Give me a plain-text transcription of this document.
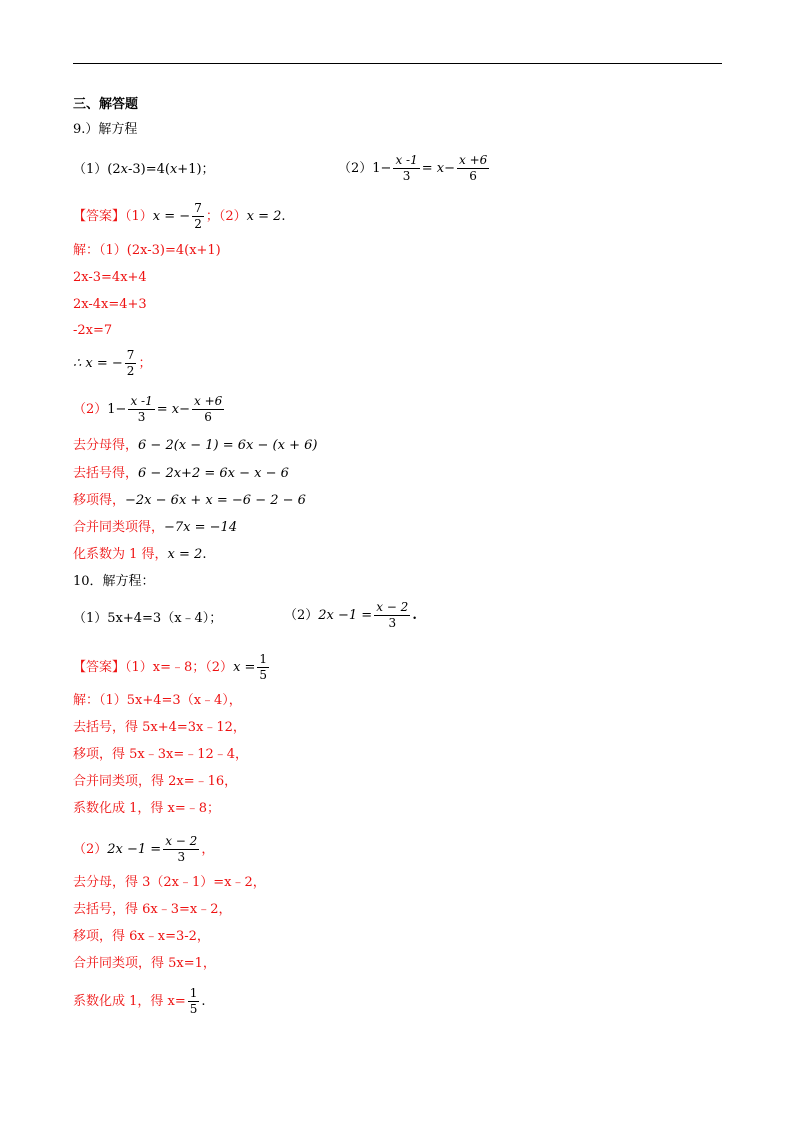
三、解答题
9.）解方程
（1）(2x-3)=4(x+1)；	$(2)1- \frac{x -1}{3} = x- \frac{x +6}{6}$
【答案】（1）x = − $\frac{7}{2}$ ；（2）x = 2.
解：（1）(2x-3)=4(x+1)
2x-3=4x+4
2x-4x=4+3
-2x=7
∴ x = − $\frac{7}{2}$ ；
$(2)1- \frac{x -1}{3} = x- \frac{x +6}{6}$
去分母得，6 − 2(x − 1) = 6x − (x + 6)
去括号得，6 − 2x+2 = 6x − x − 6
移项得，−2x − 6x + x = −6 − 2 − 6
合并同类项得，−7x = −14
化系数为 1 得，x = 2.
10．解方程：
（1）5x+4=3（x﹣4）；	$(2)2x -1 = \frac{x - 2}{3}$ .
【答案】（1）x=﹣8；$(2)x = \frac{1}{5}$
解：（1）5x+4=3（x﹣4），
去括号，得 5x+4=3x﹣12，
移项，得 5x﹣3x=﹣12﹣4，
合并同类项，得 2x=﹣16，
系数化成 1，得 x=﹣8；
$(2)2x -1 = \frac{x - 2}{3}$ ，
去分母，得 3（2x﹣1）=x﹣2，
去括号，得 6x﹣3=x﹣2，
移项，得 6x﹣x=3-2，
合并同类项，得 5x=1，
系数化成 1，得 $x= \frac{1}{5}$ .
